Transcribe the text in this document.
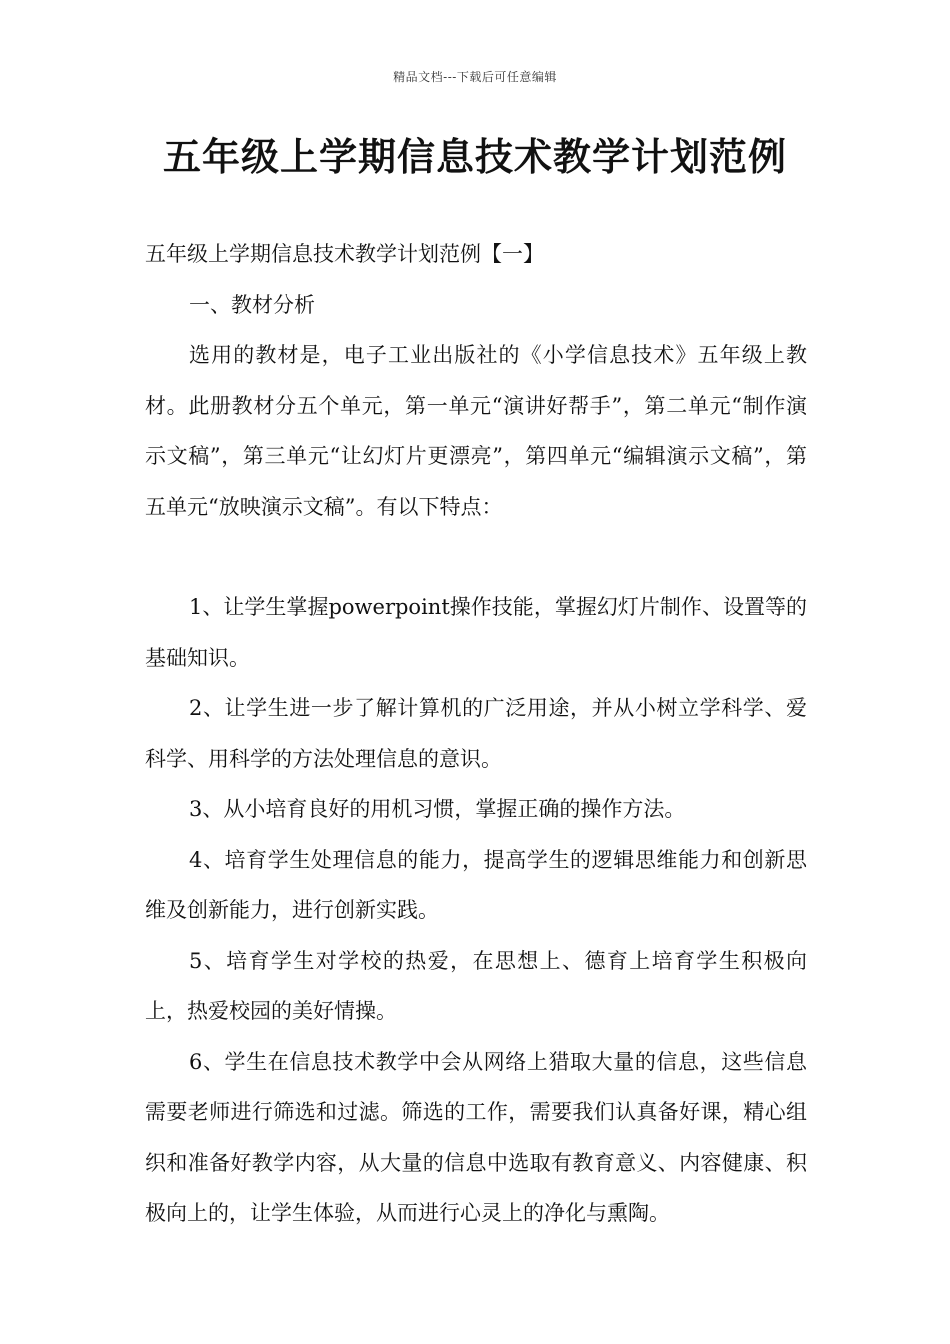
精品文档---下载后可任意编辑
五年级上学期信息技术教学计划范例

五年级上学期信息技术教学计划范例【一】

一、教材分析

选用的教材是，电子工业出版社的《小学信息技术》五年级上教材。此册教材分五个单元，第一单元“演讲好帮手”，第二单元“制作演示文稿”，第三单元“让幻灯片更漂亮”，第四单元“编辑演示文稿”，第五单元“放映演示文稿”。有以下特点：

1、让学生掌握powerpoint操作技能，掌握幻灯片制作、设置等的基础知识。

2、让学生进一步了解计算机的广泛用途，并从小树立学科学、爱科学、用科学的方法处理信息的意识。

3、从小培育良好的用机习惯，掌握正确的操作方法。

4、培育学生处理信息的能力，提高学生的逻辑思维能力和创新思维及创新能力，进行创新实践。

5、培育学生对学校的热爱，在思想上、德育上培育学生积极向上，热爱校园的美好情操。

6、学生在信息技术教学中会从网络上猎取大量的信息，这些信息需要老师进行筛选和过滤。筛选的工作，需要我们认真备好课，精心组织和准备好教学内容，从大量的信息中选取有教育意义、内容健康、积极向上的，让学生体验，从而进行心灵上的净化与熏陶。
